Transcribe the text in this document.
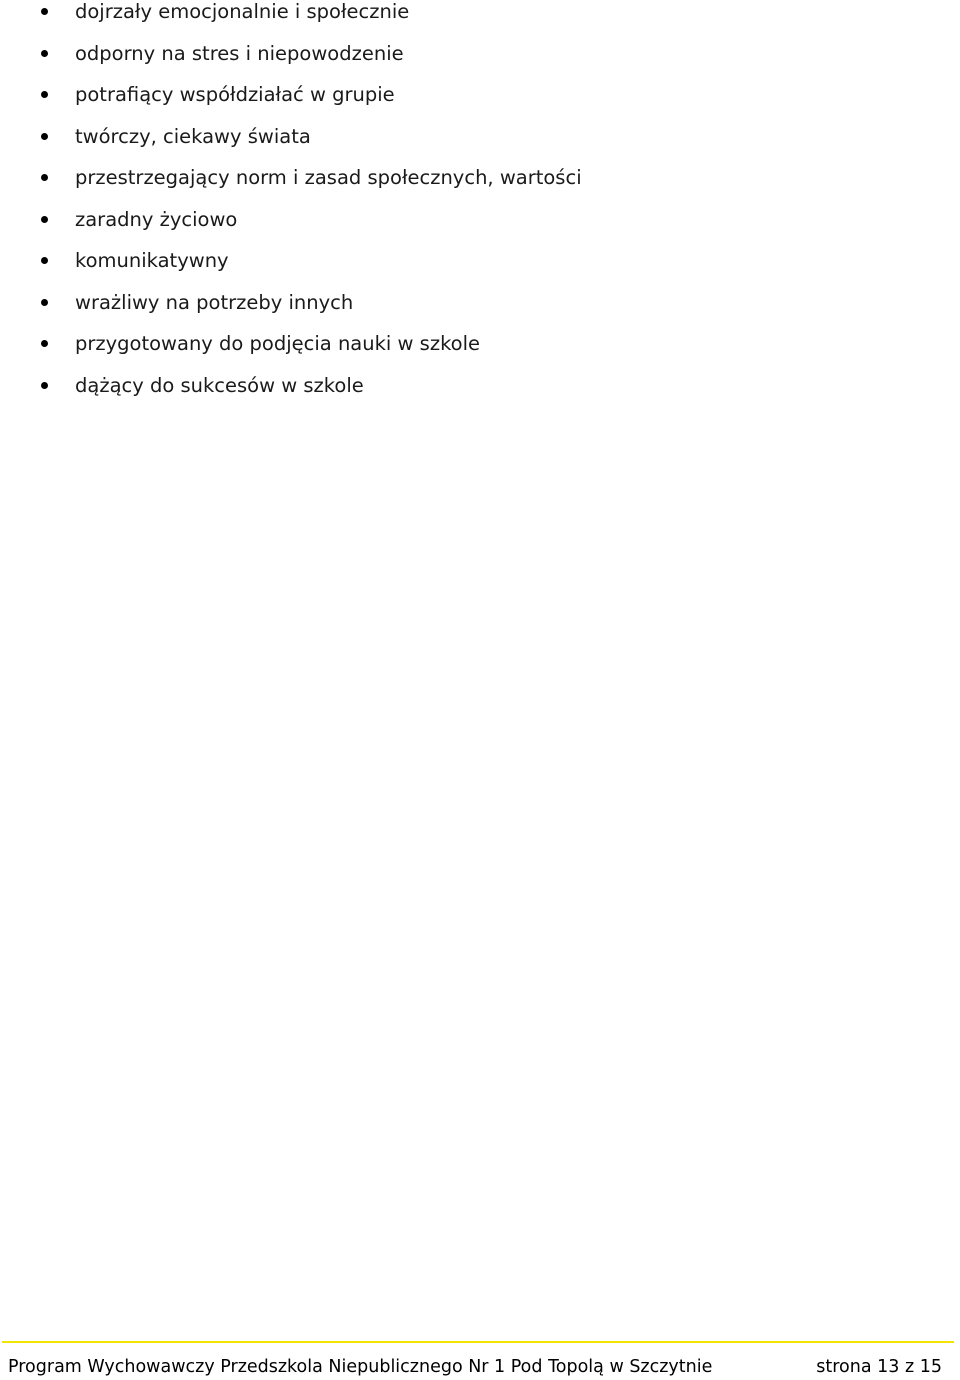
dojrzały emocjonalnie i społecznie
odporny na stres i niepowodzenie
potrafiący współdziałać w grupie
twórczy, ciekawy świata
przestrzegający norm i zasad społecznych, wartości
zaradny życiowo
komunikatywny
wrażliwy na potrzeby innych
przygotowany do podjęcia nauki w szkole
dążący do sukcesów w szkole
Program Wychowawczy Przedszkola Niepublicznego Nr 1 Pod Topolą w Szczytnie	strona 13 z 15
